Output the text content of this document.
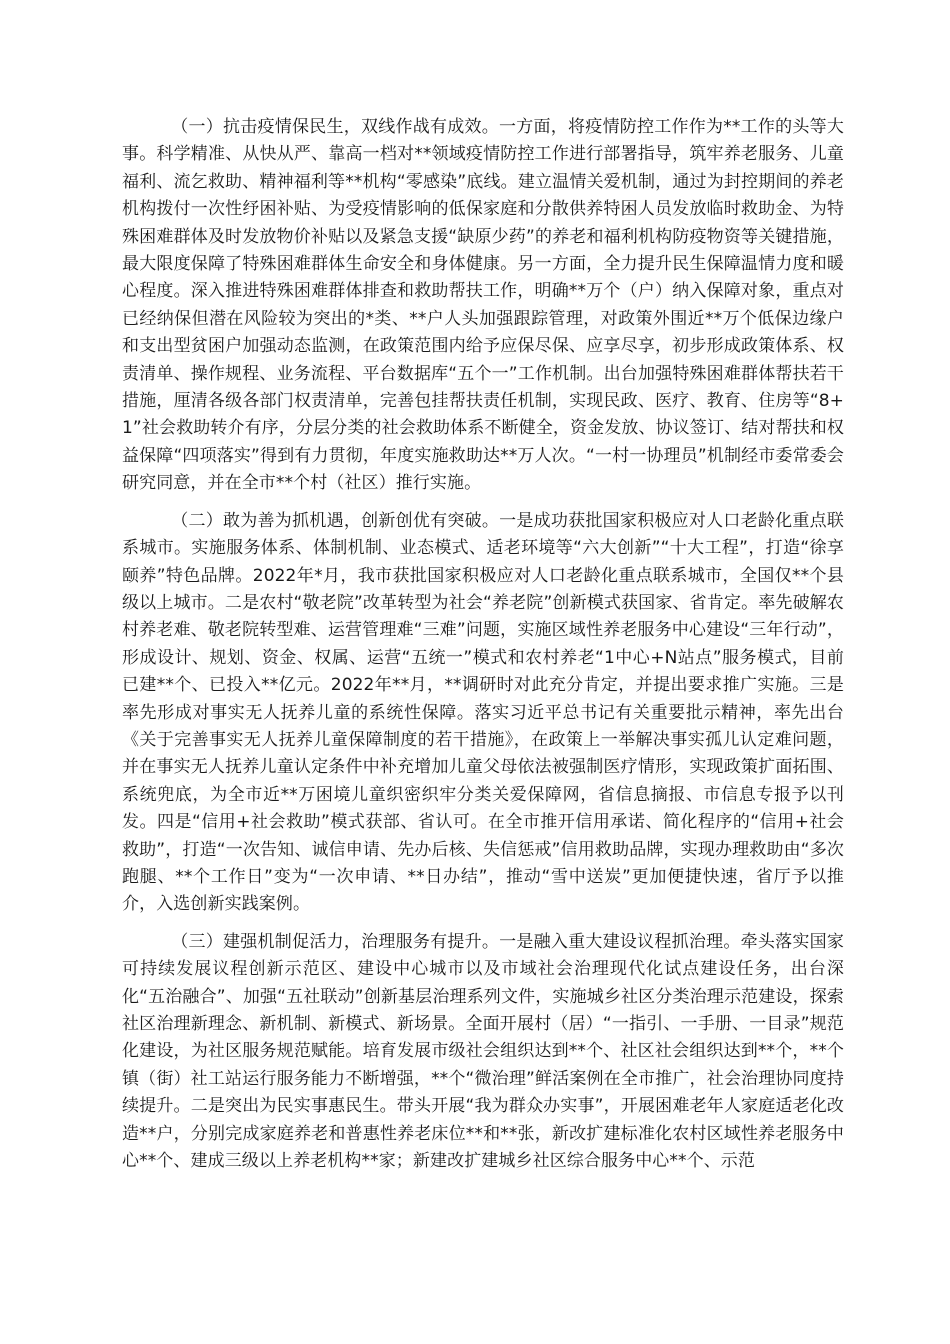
（一）抗击疫情保民生，双线作战有成效。一方面，将疫情防控工作作为**工作的头等大事。科学精准、从快从严、靠高一档对**领域疫情防控工作进行部署指导，筑牢养老服务、儿童福利、流乞救助、精神福利等**机构“零感染”底线。建立温情关爱机制，通过为封控期间的养老机构拨付一次性纾困补贴、为受疫情影响的低保家庭和分散供养特困人员发放临时救助金、为特殊困难群体及时发放物价补贴以及紧急支援“缺原少药”的养老和福利机构防疫物资等关键措施，最大限度保障了特殊困难群体生命安全和身体健康。另一方面，全力提升民生保障温情力度和暖心程度。深入推进特殊困难群体排查和救助帮扶工作，明确**万个（户）纳入保障对象，重点对已经纳保但潜在风险较为突出的*类、**户人头加强跟踪管理，对政策外围近**万个低保边缘户和支出型贫困户加强动态监测，在政策范围内给予应保尽保、应享尽享，初步形成政策体系、权责清单、操作规程、业务流程、平台数据库“五个一”工作机制。出台加强特殊困难群体帮扶若干措施，厘清各级各部门权责清单，完善包挂帮扶责任机制，实现民政、医疗、教育、住房等“8+1”社会救助转介有序，分层分类的社会救助体系不断健全，资金发放、协议签订、结对帮扶和权益保障“四项落实”得到有力贯彻，年度实施救助达**万人次。“一村一协理员”机制经市委常委会研究同意，并在全市**个村（社区）推行实施。

（二）敢为善为抓机遇，创新创优有突破。一是成功获批国家积极应对人口老龄化重点联系城市。实施服务体系、体制机制、业态模式、适老环境等“六大创新”“十大工程”，打造“徐享颐养”特色品牌。2022年*月，我市获批国家积极应对人口老龄化重点联系城市，全国仅**个县级以上城市。二是农村“敬老院”改革转型为社会“养老院”创新模式获国家、省肯定。率先破解农村养老难、敬老院转型难、运营管理难“三难”问题，实施区域性养老服务中心建设“三年行动”，形成设计、规划、资金、权属、运营“五统一”模式和农村养老“1中心+N站点”服务模式，目前已建**个、已投入**亿元。2022年**月，**调研时对此充分肯定，并提出要求推广实施。三是率先形成对事实无人抚养儿童的系统性保障。落实习近平总书记有关重要批示精神，率先出台《关于完善事实无人抚养儿童保障制度的若干措施》，在政策上一举解决事实孤儿认定难问题，并在事实无人抚养儿童认定条件中补充增加儿童父母依法被强制医疗情形，实现政策扩面拓围、系统兜底，为全市近**万困境儿童织密织牢分类关爱保障网，省信息摘报、市信息专报予以刊发。四是“信用+社会救助”模式获部、省认可。在全市推开信用承诺、简化程序的“信用+社会救助”，打造“一次告知、诚信申请、先办后核、失信惩戒”信用救助品牌，实现办理救助由“多次跑腿、**个工作日”变为“一次申请、**日办结”，推动“雪中送炭”更加便捷快速，省厅予以推介，入选创新实践案例。

（三）建强机制促活力，治理服务有提升。一是融入重大建设议程抓治理。牵头落实国家可持续发展议程创新示范区、建设中心城市以及市域社会治理现代化试点建设任务，出台深化“五治融合”、加强“五社联动”创新基层治理系列文件，实施城乡社区分类治理示范建设，探索社区治理新理念、新机制、新模式、新场景。全面开展村（居）“一指引、一手册、一目录”规范化建设，为社区服务规范赋能。培育发展市级社会组织达到**个、社区社会组织达到**个，**个镇（街）社工站运行服务能力不断增强，**个“微治理”鲜活案例在全市推广，社会治理协同度持续提升。二是突出为民实事惠民生。带头开展“我为群众办实事”，开展困难老年人家庭适老化改造**户，分别完成家庭养老和普惠性养老床位**和**张，新改扩建标准化农村区域性养老服务中心**个、建成三级以上养老机构**家；新建改扩建城乡社区综合服务中心**个、示范
